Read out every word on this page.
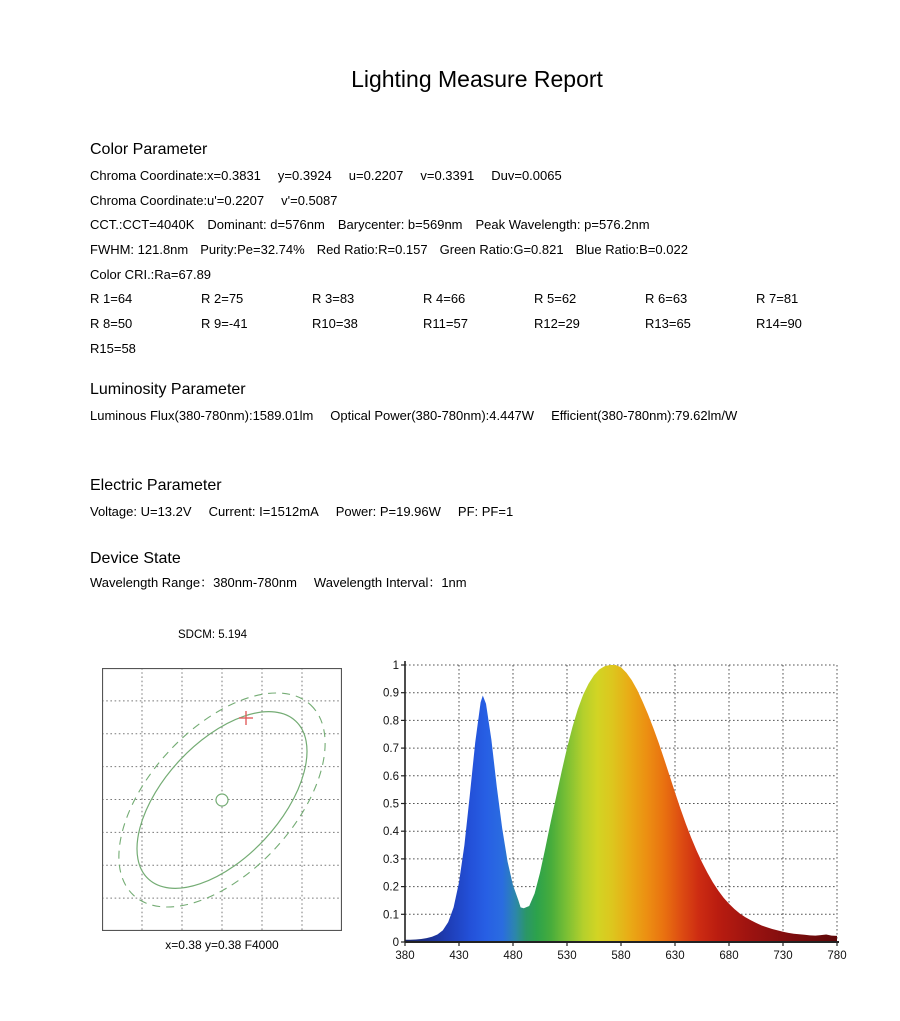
Lighting Measure Report
Color Parameter
Chroma Coordinate:x=0.3831 y=0.3924 u=0.2207 v=0.3391 Duv=0.0065
Chroma Coordinate:u'=0.2207 v'=0.5087
CCT.:CCT=4040K Dominant: d=576nm Barycenter: b=569nm Peak Wavelength: p=576.2nm
FWHM: 121.8nm Purity:Pe=32.74% Red Ratio:R=0.157 Green Ratio:G=0.821 Blue Ratio:B=0.022
Color CRI.:Ra=67.89
R 1=64	R 2=75	R 3=83	R 4=66	R 5=62	R 6=63	R 7=81
R 8=50	R 9=-41	R10=38	R11=57	R12=29	R13=65	R14=90
R15=58
Luminosity Parameter
Luminous Flux(380-780nm):1589.01lm Optical Power(380-780nm):4.447W Efficient(380-780nm):79.62lm/W
Electric Parameter
Voltage: U=13.2V Current: I=1512mA Power: P=19.96W PF: PF=1
Device State
Wavelength Range：380nm-780nm Wavelength Interval：1nm
SDCM: 5.194
x=0.38 y=0.38 F4000
380	430	480	530	580	630	680	730	780
0
0.1
0.2
0.3
0.4
0.5
0.6
0.7
0.8
0.9
1
